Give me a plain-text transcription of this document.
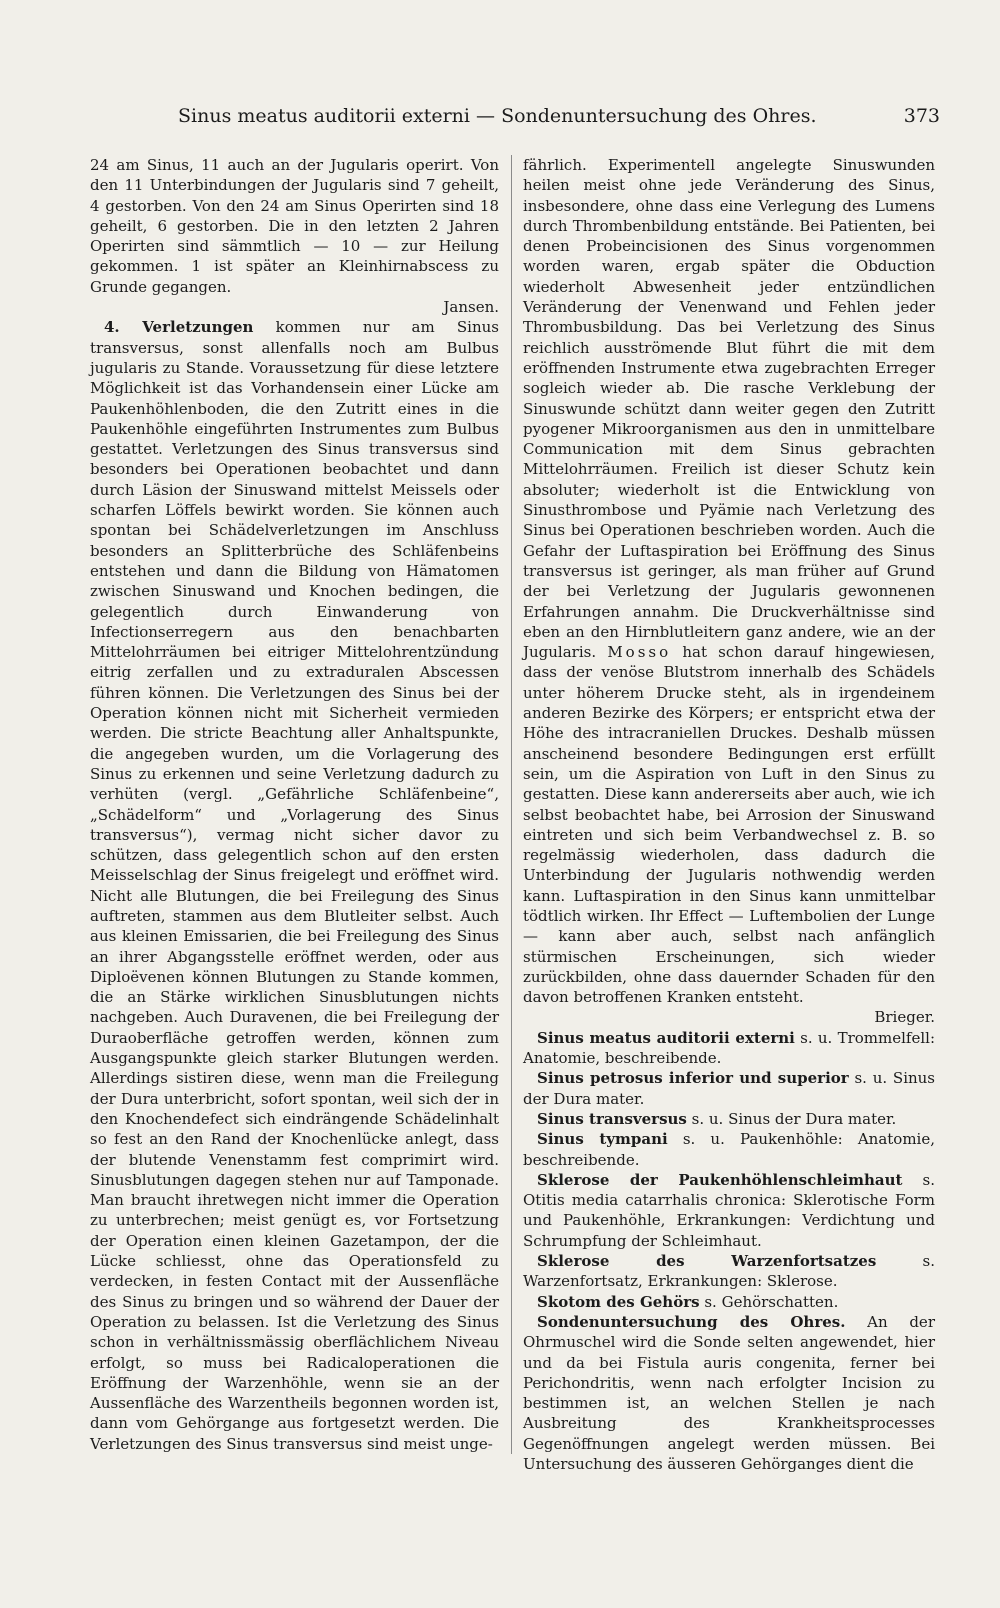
Sinus meatus auditorii externi — Sondenuntersuchung des Ohres.	373

24 am Sinus, 11 auch an der Jugularis operirt. Von den 11 Unterbindungen der Jugularis sind 7 geheilt, 4 gestorben. Von den 24 am Sinus Operirten sind 18 geheilt, 6 gestorben. Die in den letzten 2 Jahren Operirten sind sämmtlich — 10 — zur Heilung gekommen. 1 ist später an Kleinhirnabscess zu Grunde gegangen.

Jansen.

4. Verletzungen kommen nur am Sinus transversus, sonst allenfalls noch am Bulbus jugularis zu Stande. Voraussetzung für diese letztere Möglichkeit ist das Vorhandensein einer Lücke am Paukenhöhlenboden, die den Zutritt eines in die Paukenhöhle eingeführten Instrumentes zum Bulbus gestattet. Verletzungen des Sinus transversus sind besonders bei Operationen beobachtet und dann durch Läsion der Sinuswand mittelst Meissels oder scharfen Löffels bewirkt worden. Sie können auch spontan bei Schädelverletzungen im Anschluss besonders an Splitterbrüche des Schläfenbeins entstehen und dann die Bildung von Hämatomen zwischen Sinuswand und Knochen bedingen, die gelegentlich durch Einwanderung von Infectionserregern aus den benachbarten Mittelohrräumen bei eitriger Mittelohrentzündung eitrig zerfallen und zu extraduralen Abscessen führen können. Die Verletzungen des Sinus bei der Operation können nicht mit Sicherheit vermieden werden. Die stricte Beachtung aller Anhaltspunkte, die angegeben wurden, um die Vorlagerung des Sinus zu erkennen und seine Verletzung dadurch zu verhüten (vergl. „Gefährliche Schläfenbeine“, „Schädelform“ und „Vorlagerung des Sinus transversus“), vermag nicht sicher davor zu schützen, dass gelegentlich schon auf den ersten Meisselschlag der Sinus freigelegt und eröffnet wird. Nicht alle Blutungen, die bei Freilegung des Sinus auftreten, stammen aus dem Blutleiter selbst. Auch aus kleinen Emissarien, die bei Freilegung des Sinus an ihrer Abgangsstelle eröffnet werden, oder aus Diploëvenen können Blutungen zu Stande kommen, die an Stärke wirklichen Sinusblutungen nichts nachgeben. Auch Duravenen, die bei Freilegung der Duraoberfläche getroffen werden, können zum Ausgangspunkte gleich starker Blutungen werden. Allerdings sistiren diese, wenn man die Freilegung der Dura unterbricht, sofort spontan, weil sich der in den Knochendefect sich eindrängende Schädelinhalt so fest an den Rand der Knochenlücke anlegt, dass der blutende Venenstamm fest comprimirt wird. Sinusblutungen dagegen stehen nur auf Tamponade. Man braucht ihretwegen nicht immer die Operation zu unterbrechen; meist genügt es, vor Fortsetzung der Operation einen kleinen Gazetampon, der die Lücke schliesst, ohne das Operationsfeld zu verdecken, in festen Contact mit der Aussenfläche des Sinus zu bringen und so während der Dauer der Operation zu belassen. Ist die Verletzung des Sinus schon in verhältnissmässig oberflächlichem Niveau erfolgt, so muss bei Radicaloperationen die Eröffnung der Warzenhöhle, wenn sie an der Aussenfläche des Warzentheils begonnen worden ist, dann vom Gehörgange aus fortgesetzt werden. Die Verletzungen des Sinus transversus sind meist unge-

fährlich. Experimentell angelegte Sinuswunden heilen meist ohne jede Veränderung des Sinus, insbesondere, ohne dass eine Verlegung des Lumens durch Thrombenbildung entstände. Bei Patienten, bei denen Probeincisionen des Sinus vorgenommen worden waren, ergab später die Obduction wiederholt Abwesenheit jeder entzündlichen Veränderung der Venenwand und Fehlen jeder Thrombusbildung. Das bei Verletzung des Sinus reichlich ausströmende Blut führt die mit dem eröffnenden Instrumente etwa zugebrachten Erreger sogleich wieder ab. Die rasche Verklebung der Sinuswunde schützt dann weiter gegen den Zutritt pyogener Mikroorganismen aus den in unmittelbare Communication mit dem Sinus gebrachten Mittelohrräumen. Freilich ist dieser Schutz kein absoluter; wiederholt ist die Entwicklung von Sinusthrombose und Pyämie nach Verletzung des Sinus bei Operationen beschrieben worden. Auch die Gefahr der Luftaspiration bei Eröffnung des Sinus transversus ist geringer, als man früher auf Grund der bei Verletzung der Jugularis gewonnenen Erfahrungen annahm. Die Druckverhältnisse sind eben an den Hirnblutleitern ganz andere, wie an der Jugularis. Mosso hat schon darauf hingewiesen, dass der venöse Blutstrom innerhalb des Schädels unter höherem Drucke steht, als in irgendeinem anderen Bezirke des Körpers; er entspricht etwa der Höhe des intracraniellen Druckes. Deshalb müssen anscheinend besondere Bedingungen erst erfüllt sein, um die Aspiration von Luft in den Sinus zu gestatten. Diese kann andererseits aber auch, wie ich selbst beobachtet habe, bei Arrosion der Sinuswand eintreten und sich beim Verbandwechsel z. B. so regelmässig wiederholen, dass dadurch die Unterbindung der Jugularis nothwendig werden kann. Luftaspiration in den Sinus kann unmittelbar tödtlich wirken. Ihr Effect — Luftembolien der Lunge — kann aber auch, selbst nach anfänglich stürmischen Erscheinungen, sich wieder zurückbilden, ohne dass dauernder Schaden für den davon betroffenen Kranken entsteht.

Brieger.

Sinus meatus auditorii externi s. u. Trommelfell: Anatomie, beschreibende.

Sinus petrosus inferior und superior s. u. Sinus der Dura mater.

Sinus transversus s. u. Sinus der Dura mater.

Sinus tympani s. u. Paukenhöhle: Anatomie, beschreibende.

Sklerose der Paukenhöhlenschleimhaut s. Otitis media catarrhalis chronica: Sklerotische Form und Paukenhöhle, Erkrankungen: Verdichtung und Schrumpfung der Schleimhaut.

Sklerose des Warzenfortsatzes s. Warzenfortsatz, Erkrankungen: Sklerose.

Skotom des Gehörs s. Gehörschatten.

Sondenuntersuchung des Ohres. An der Ohrmuschel wird die Sonde selten angewendet, hier und da bei Fistula auris congenita, ferner bei Perichondritis, wenn nach erfolgter Incision zu bestimmen ist, an welchen Stellen je nach Ausbreitung des Krankheitsprocesses Gegenöffnungen angelegt werden müssen. Bei Untersuchung des äusseren Gehörganges dient die
